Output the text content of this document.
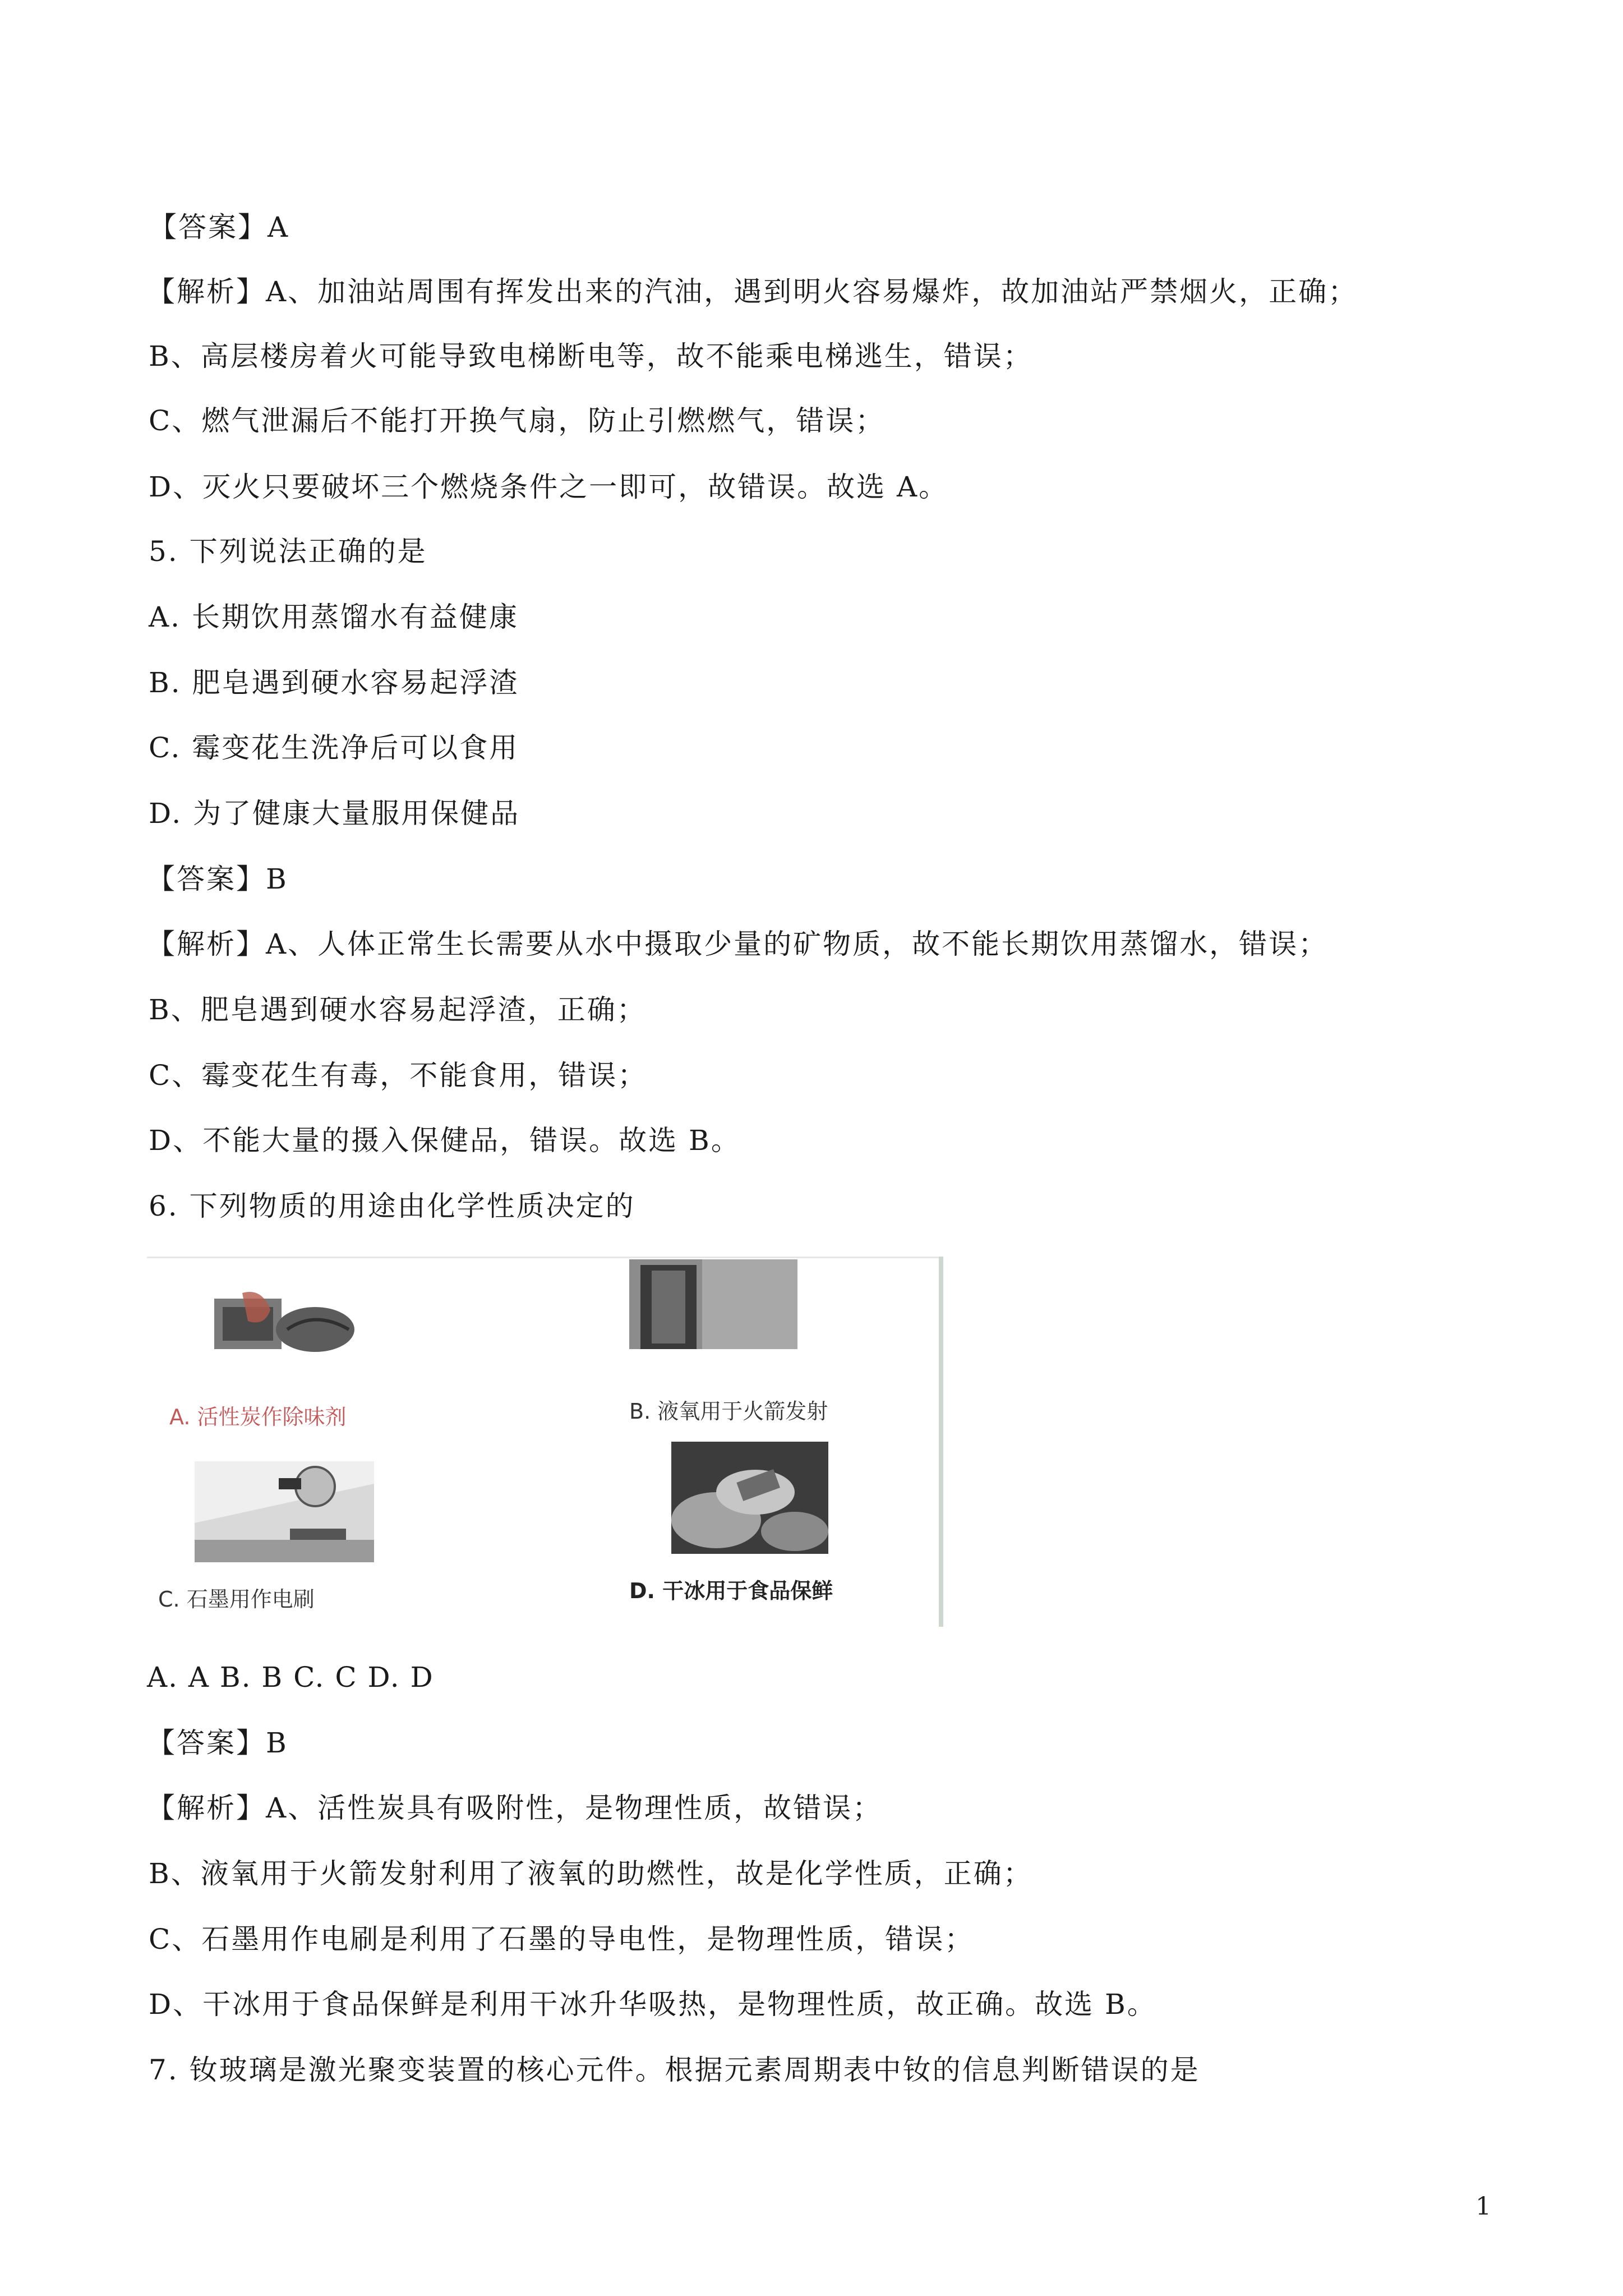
【答案】A
【解析】A、加油站周围有挥发出来的汽油，遇到明火容易爆炸，故加油站严禁烟火，正确；
B、高层楼房着火可能导致电梯断电等，故不能乘电梯逃生，错误；
C、燃气泄漏后不能打开换气扇，防止引燃燃气，错误；
D、灭火只要破坏三个燃烧条件之一即可，故错误。故选 A。
5. 下列说法正确的是
A. 长期饮用蒸馏水有益健康
B. 肥皂遇到硬水容易起浮渣
C. 霉变花生洗净后可以食用
D. 为了健康大量服用保健品
【答案】B
【解析】A、人体正常生长需要从水中摄取少量的矿物质，故不能长期饮用蒸馏水，错误；
B、肥皂遇到硬水容易起浮渣，正确；
C、霉变花生有毒，不能食用，错误；
D、不能大量的摄入保健品，错误。故选 B。
6. 下列物质的用途由化学性质决定的
A. 活性炭作除味剂	B. 液氧用于火箭发射
C. 石墨用作电刷	D. 干冰用于食品保鲜
A. A B. B C. C D. D
【答案】B
【解析】A、活性炭具有吸附性，是物理性质，故错误；
B、液氧用于火箭发射利用了液氧的助燃性，故是化学性质，正确；
C、石墨用作电刷是利用了石墨的导电性，是物理性质，错误；
D、干冰用于食品保鲜是利用干冰升华吸热，是物理性质，故正确。故选 B。
7. 钕玻璃是激光聚变装置的核心元件。根据元素周期表中钕的信息判断错误的是
1
